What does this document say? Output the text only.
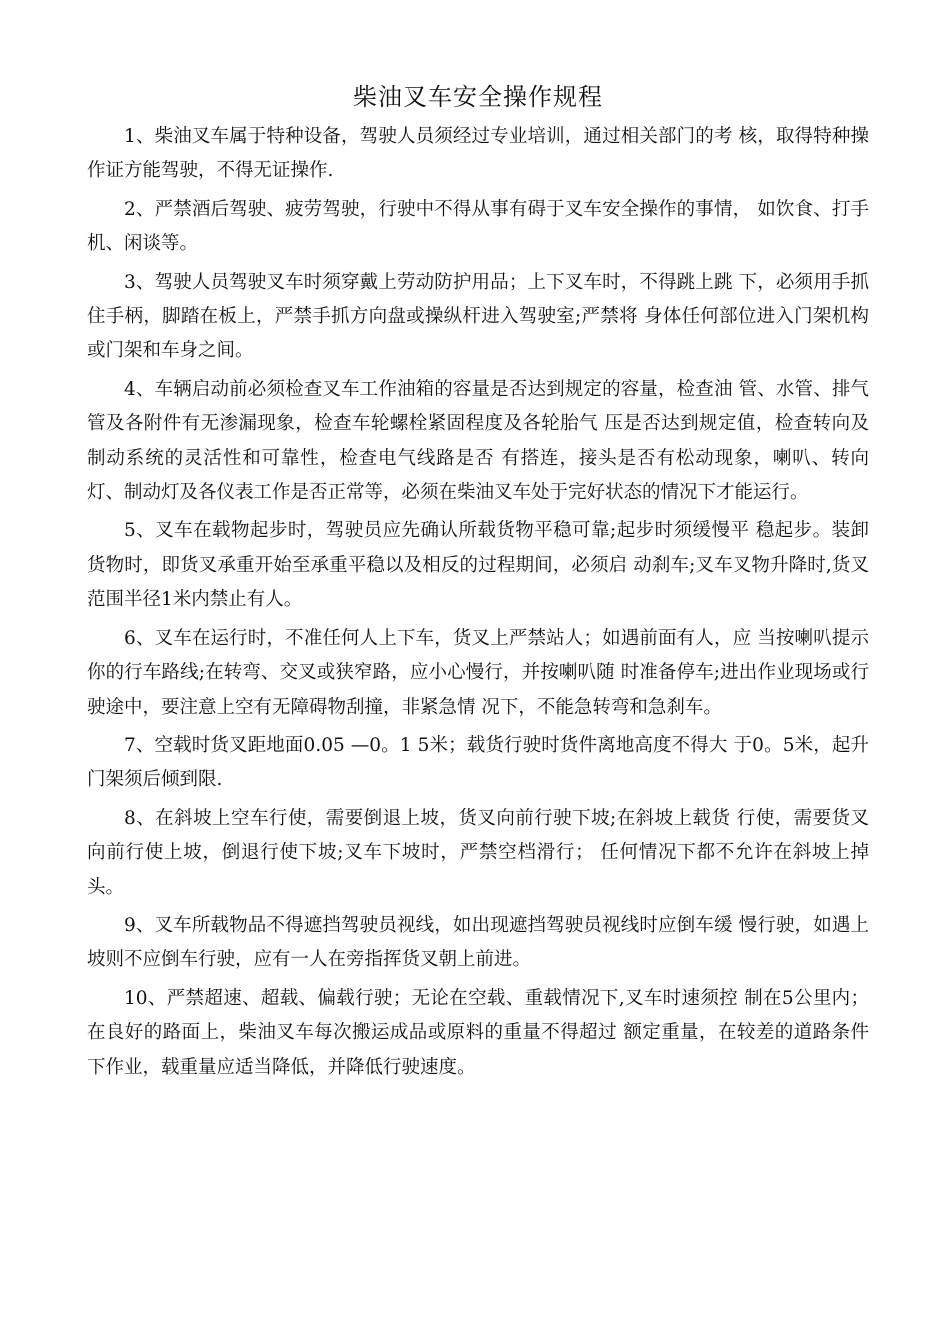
柴油叉车安全操作规程

1、柴油叉车属于特种设备，驾驶人员须经过专业培训，通过相关部门的考 核，取得特种操作证方能驾驶，不得无证操作.

2、严禁酒后驾驶、疲劳驾驶，行驶中不得从事有碍于叉车安全操作的事情， 如饮食、打手机、闲谈等。

3、驾驶人员驾驶叉车时须穿戴上劳动防护用品；上下叉车时，不得跳上跳 下，必须用手抓住手柄，脚踏在板上，严禁手抓方向盘或操纵杆进入驾驶室;严禁将 身体任何部位进入门架机构或门架和车身之间。

4、车辆启动前必须检查叉车工作油箱的容量是否达到规定的容量，检查油 管、水管、排气管及各附件有无渗漏现象，检查车轮螺栓紧固程度及各轮胎气 压是否达到规定值，检查转向及制动系统的灵活性和可靠性，检查电气线路是否 有搭连，接头是否有松动现象，喇叭、转向灯、制动灯及各仪表工作是否正常等，必须在柴油叉车处于完好状态的情况下才能运行。

5、叉车在载物起步时，驾驶员应先确认所载货物平稳可靠;起步时须缓慢平 稳起步。装卸货物时，即货叉承重开始至承重平稳以及相反的过程期间，必须启 动刹车;叉车叉物升降时,货叉范围半径1米内禁止有人。

6、叉车在运行时，不准任何人上下车，货叉上严禁站人；如遇前面有人，应 当按喇叭提示你的行车路线;在转弯、交叉或狭窄路，应小心慢行，并按喇叭随 时准备停车;进出作业现场或行驶途中，要注意上空有无障碍物刮撞，非紧急情 况下，不能急转弯和急刹车。

7、空载时货叉距地面0.05 —0。1 5米；载货行驶时货件离地高度不得大 于0。5米，起升门架须后倾到限.

8、在斜坡上空车行使，需要倒退上坡，货叉向前行驶下坡;在斜坡上载货 行使，需要货叉向前行使上坡，倒退行使下坡;叉车下坡时，严禁空档滑行； 任何情况下都不允许在斜坡上掉头。

9、叉车所载物品不得遮挡驾驶员视线，如出现遮挡驾驶员视线时应倒车缓 慢行驶，如遇上坡则不应倒车行驶，应有一人在旁指挥货叉朝上前进。

10、严禁超速、超载、偏载行驶；无论在空载、重载情况下,叉车时速须控 制在5公里内；在良好的路面上，柴油叉车每次搬运成品或原料的重量不得超过 额定重量，在较差的道路条件下作业，载重量应适当降低，并降低行驶速度。
